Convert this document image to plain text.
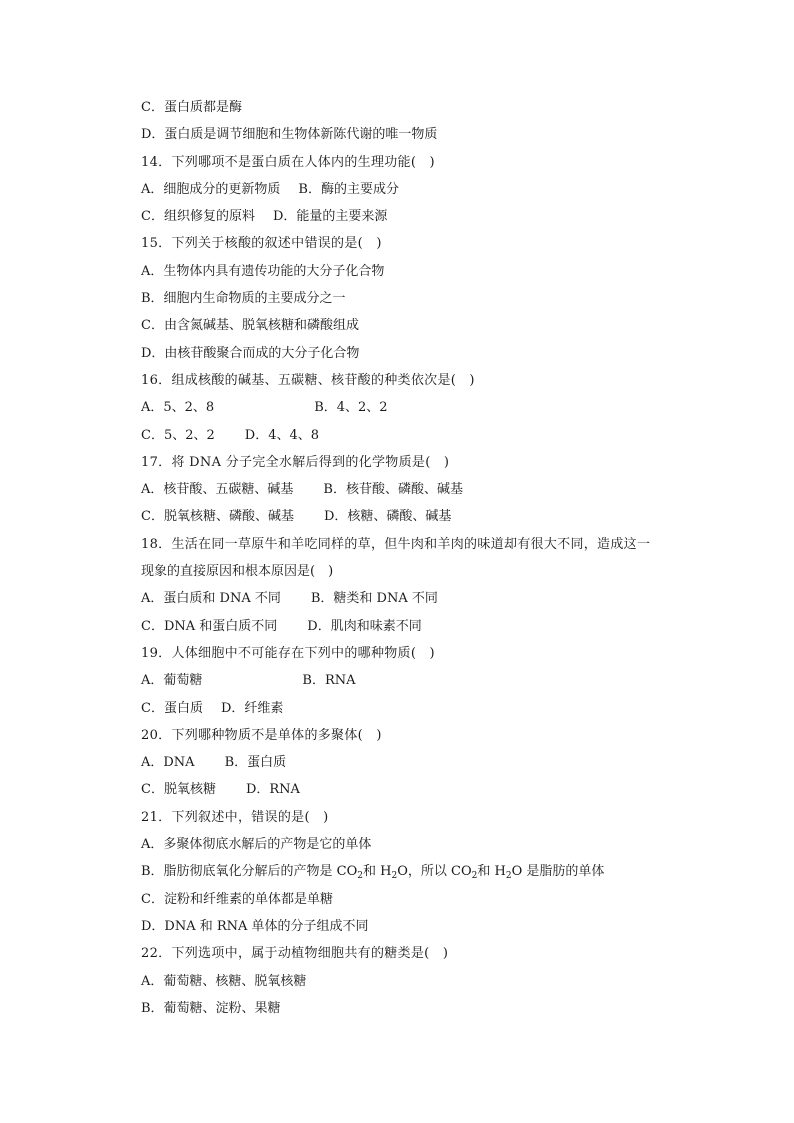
C．蛋白质都是酶
D．蛋白质是调节细胞和生物体新陈代谢的唯一物质
14．下列哪项不是蛋白质在人体内的生理功能(　)
A．细胞成分的更新物质 B．酶的主要成分
C．组织修复的原料 D．能量的主要来源
15．下列关于核酸的叙述中错误的是(　)
A．生物体内具有遗传功能的大分子化合物
B．细胞内生命物质的主要成分之一
C．由含氮碱基、脱氧核糖和磷酸组成
D．由核苷酸聚合而成的大分子化合物
16．组成核酸的碱基、五碳糖、核苷酸的种类依次是(　)
A．5、2、8	B．4、2、2
C．5、2、2 D．4、4、8
17．将 DNA 分子完全水解后得到的化学物质是(　)
A．核苷酸、五碳糖、碱基 B．核苷酸、磷酸、碱基
C．脱氧核糖、磷酸、碱基 D．核糖、磷酸、碱基
18．生活在同一草原牛和羊吃同样的草，但牛肉和羊肉的味道却有很大不同，造成这一
现象的直接原因和根本原因是(　)
A．蛋白质和 DNA 不同 B．糖类和 DNA 不同
C．DNA 和蛋白质不同 D．肌肉和味素不同
19．人体细胞中不可能存在下列中的哪种物质(　)
A．葡萄糖	B．RNA
C．蛋白质 D．纤维素
20．下列哪种物质不是单体的多聚体(　)
A．DNA B．蛋白质
C．脱氧核糖 D．RNA
21．下列叙述中，错误的是(　)
A．多聚体彻底水解后的产物是它的单体
B．脂肪彻底氧化分解后的产物是 $CO_2$和 $H_2O$，所以 $CO_2$和 $H_2O$ 是脂肪的单体
C．淀粉和纤维素的单体都是单糖
D．DNA 和 RNA 单体的分子组成不同
22．下列选项中，属于动植物细胞共有的糖类是(　)
A．葡萄糖、核糖、脱氧核糖
B．葡萄糖、淀粉、果糖
